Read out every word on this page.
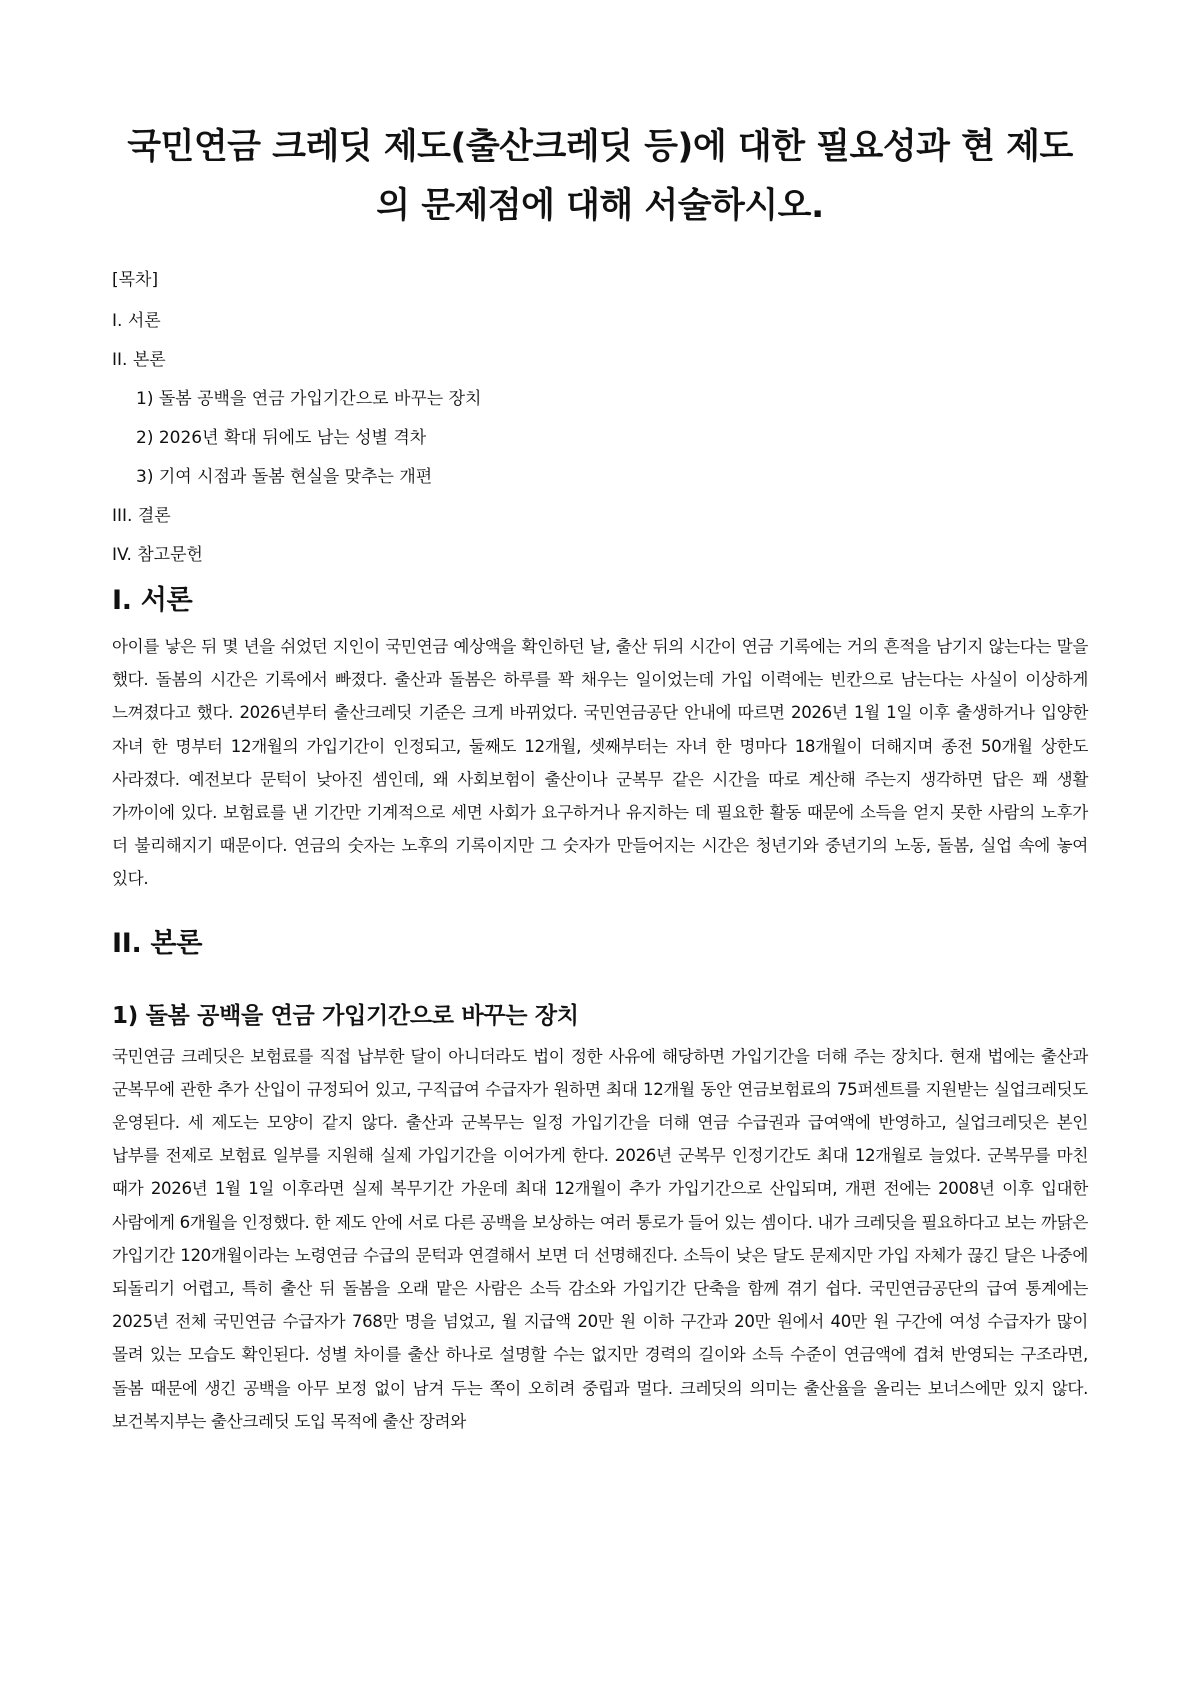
국민연금 크레딧 제도(출산크레딧 등)에 대한 필요성과 현 제도의 문제점에 대해 서술하시오.
[목차]
I. 서론
II. 본론
1) 돌봄 공백을 연금 가입기간으로 바꾸는 장치
2) 2026년 확대 뒤에도 남는 성별 격차
3) 기여 시점과 돌봄 현실을 맞추는 개편
III. 결론
IV. 참고문헌
I. 서론

아이를 낳은 뒤 몇 년을 쉬었던 지인이 국민연금 예상액을 확인하던 날, 출산 뒤의 시간이 연금 기록에는 거의 흔적을 남기지 않는다는 말을 했다. 돌봄의 시간은 기록에서 빠졌다. 출산과 돌봄은 하루를 꽉 채우는 일이었는데 가입 이력에는 빈칸으로 남는다는 사실이 이상하게 느껴졌다고 했다. 2026년부터 출산크레딧 기준은 크게 바뀌었다. 국민연금공단 안내에 따르면 2026년 1월 1일 이후 출생하거나 입양한 자녀 한 명부터 12개월의 가입기간이 인정되고, 둘째도 12개월, 셋째부터는 자녀 한 명마다 18개월이 더해지며 종전 50개월 상한도 사라졌다. 예전보다 문턱이 낮아진 셈인데, 왜 사회보험이 출산이나 군복무 같은 시간을 따로 계산해 주는지 생각하면 답은 꽤 생활 가까이에 있다. 보험료를 낸 기간만 기계적으로 세면 사회가 요구하거나 유지하는 데 필요한 활동 때문에 소득을 얻지 못한 사람의 노후가 더 불리해지기 때문이다. 연금의 숫자는 노후의 기록이지만 그 숫자가 만들어지는 시간은 청년기와 중년기의 노동, 돌봄, 실업 속에 놓여 있다.

II. 본론
1) 돌봄 공백을 연금 가입기간으로 바꾸는 장치

국민연금 크레딧은 보험료를 직접 납부한 달이 아니더라도 법이 정한 사유에 해당하면 가입기간을 더해 주는 장치다. 현재 법에는 출산과 군복무에 관한 추가 산입이 규정되어 있고, 구직급여 수급자가 원하면 최대 12개월 동안 연금보험료의 75퍼센트를 지원받는 실업크레딧도 운영된다. 세 제도는 모양이 같지 않다. 출산과 군복무는 일정 가입기간을 더해 연금 수급권과 급여액에 반영하고, 실업크레딧은 본인 납부를 전제로 보험료 일부를 지원해 실제 가입기간을 이어가게 한다. 2026년 군복무 인정기간도 최대 12개월로 늘었다. 군복무를 마친 때가 2026년 1월 1일 이후라면 실제 복무기간 가운데 최대 12개월이 추가 가입기간으로 산입되며, 개편 전에는 2008년 이후 입대한 사람에게 6개월을 인정했다. 한 제도 안에 서로 다른 공백을 보상하는 여러 통로가 들어 있는 셈이다. 내가 크레딧을 필요하다고 보는 까닭은 가입기간 120개월이라는 노령연금 수급의 문턱과 연결해서 보면 더 선명해진다. 소득이 낮은 달도 문제지만 가입 자체가 끊긴 달은 나중에 되돌리기 어렵고, 특히 출산 뒤 돌봄을 오래 맡은 사람은 소득 감소와 가입기간 단축을 함께 겪기 쉽다. 국민연금공단의 급여 통계에는 2025년 전체 국민연금 수급자가 768만 명을 넘었고, 월 지급액 20만 원 이하 구간과 20만 원에서 40만 원 구간에 여성 수급자가 많이 몰려 있는 모습도 확인된다. 성별 차이를 출산 하나로 설명할 수는 없지만 경력의 길이와 소득 수준이 연금액에 겹쳐 반영되는 구조라면, 돌봄 때문에 생긴 공백을 아무 보정 없이 남겨 두는 쪽이 오히려 중립과 멀다. 크레딧의 의미는 출산율을 올리는 보너스에만 있지 않다. 보건복지부는 출산크레딧 도입 목적에 출산 장려와
